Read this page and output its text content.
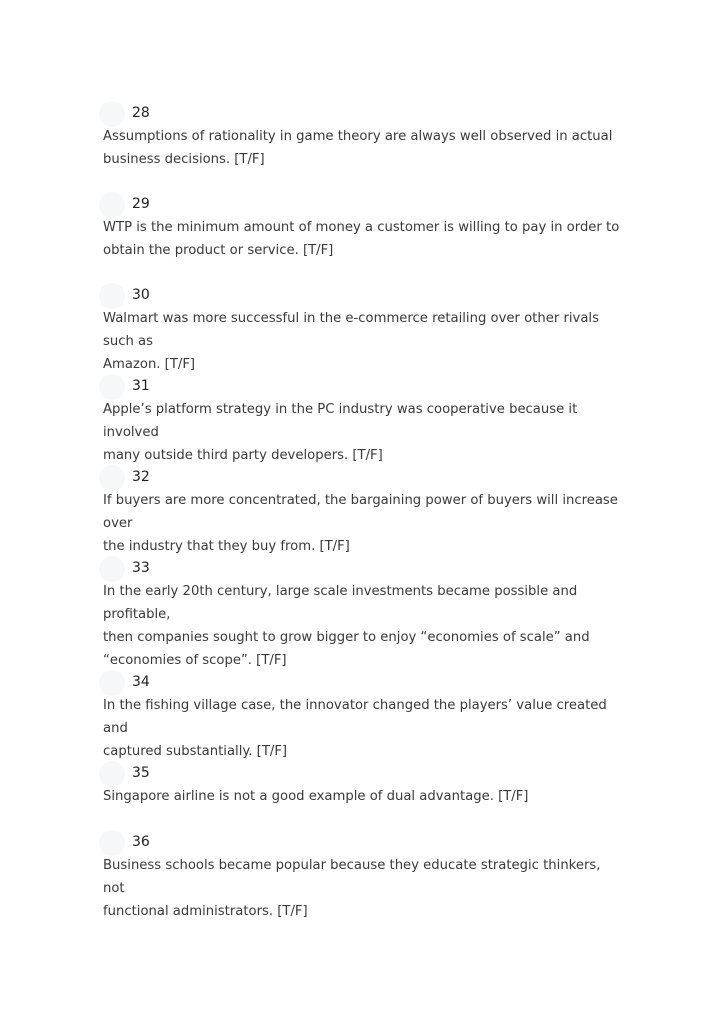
28

Assumptions of rationality in game theory are always well observed in actual
business decisions. [T/F]

29

WTP is the minimum amount of money a customer is willing to pay in order to
obtain the product or service. [T/F]

30

Walmart was more successful in the e-commerce retailing over other rivals such as
Amazon. [T/F]

31

Apple’s platform strategy in the PC industry was cooperative because it involved
many outside third party developers. [T/F]

32

If buyers are more concentrated, the bargaining power of buyers will increase over
the industry that they buy from. [T/F]

33

In the early 20th century, large scale investments became possible and profitable,
then companies sought to grow bigger to enjoy “economies of scale” and
“economies of scope”. [T/F]

34

In the fishing village case, the innovator changed the players’ value created and
captured substantially. [T/F]

35

Singapore airline is not a good example of dual advantage. [T/F]

36

Business schools became popular because they educate strategic thinkers, not
functional administrators. [T/F]
